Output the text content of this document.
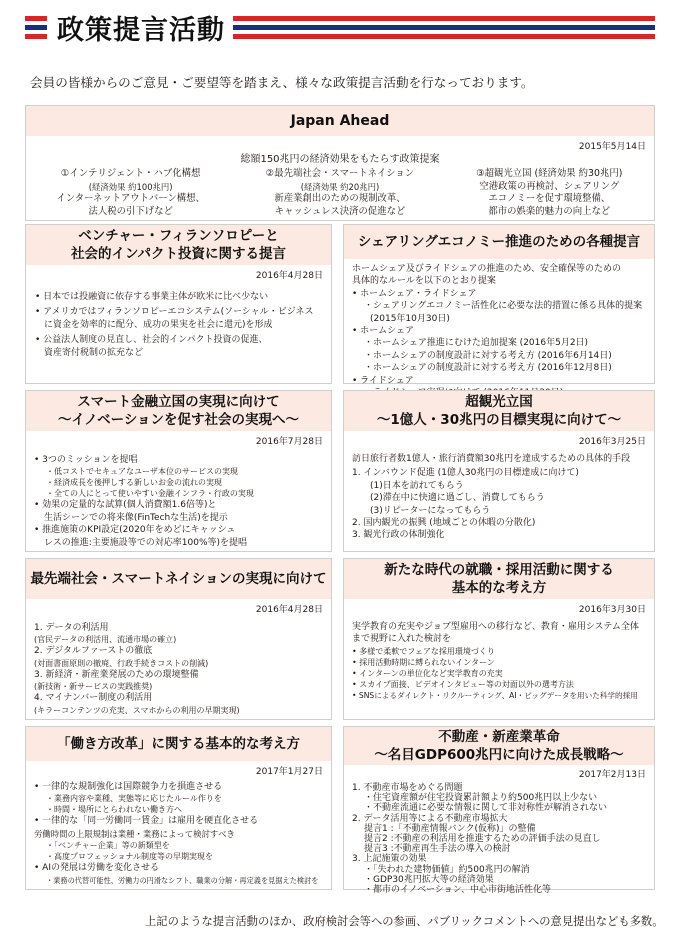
政策提言活動
会員の皆様からのご意見・ご要望等を踏まえ、様々な政策提言活動を行なっております。
Japan Ahead
2015年5月14日
総額150兆円の経済効果をもたらす政策提案
①インテリジェント・ハブ化構想
(経済効果 約100兆円)
インターネットアウトバーン構想、
法人税の引下げなど
②最先端社会・スマートネイション
(経済効果 約20兆円)
新産業創出のための規制改革、
キャッシュレス決済の促進など
③超観光立国 (経済効果 約30兆円)
空港政策の再検討、シェアリング
エコノミーを促す環境整備、
都市の娯楽的魅力の向上など
ベンチャー・フィランソロピーと
社会的インパクト投資に関する提言
2016年4月28日
• 日本では投融資に依存する事業主体が欧米に比べ少ない
• アメリカではフィランソロピーエコシステム(ソーシャル・ビジネス
に資金を効率的に配分、成功の果実を社会に還元)を形成
• 公益法人制度の見直し、社会的インパクト投資の促進、
資産寄付税制の拡充など
シェアリングエコノミー推進のための各種提言
ホームシェア及びライドシェアの推進のため、安全確保等のための
具体的なルールを以下のとおり提案
• ホームシェア・ライドシェア
・シェアリングエコノミー活性化に必要な法的措置に係る具体的提案
(2015年10月30日)
• ホームシェア
・ホームシェア推進にむけた追加提案 (2016年5月2日)
・ホームシェアの制度設計に対する考え方 (2016年6月14日)
・ホームシェアの制度設計に対する考え方 (2016年12月8日)
• ライドシェア
スマート金融立国の実現に向けて
～イノベーションを促す社会の実現へ～
2016年7月28日
• 3つのミッションを提唱
・低コストでセキュアなユーザ本位のサービスの実現
・経済成長を後押しする新しいお金の流れの実現
・全ての人にとって使いやすい金融インフラ・行政の実現
• 効果の定量的な試算(個人消費額1.6倍等)と
生活シーンでの将来像(FinTechな生活)を提示
• 推進施策のKPI設定(2020年をめどにキャッシュ
レスの推進:主要施設等での対応率100%等)を提唱
超観光立国
～1億人・30兆円の目標実現に向けて～
2016年3月25日
訪日旅行者数1億人・旅行消費額30兆円を達成するための具体的手段
1. インバウンド促進 (1億人30兆円の目標達成に向けて)
(1)日本を訪れてもらう
(2)滞在中に快適に過ごし、消費してもらう
(3)リピーターになってもらう
2. 国内観光の振興 (地域ごとの休暇の分散化)
3. 観光行政の体制強化
最先端社会・スマートネイションの実現に向けて
2016年4月28日
1. データの利活用
(官民データの利活用、流通市場の確立)
2. デジタルファーストの徹底
(対面書面原則の撤廃、行政手続きコストの削減)
3. 新経済・新産業発展のための環境整備
(新技術・新サービスの実践推奨)
4. マイナンバー制度の利活用
(キラーコンテンツの充実、スマホからの利用の早期実現)
新たな時代の就職・採用活動に関する
基本的な考え方
2016年3月30日
実学教育の充実やジョブ型雇用への移行など、教育・雇用システム全体
まで視野に入れた検討を
• 多様で柔軟でフェアな採用環境づくり
• 採用活動時期に縛られないインターン
• インターンの単位化など実学教育の充実
• スカイプ面接、ビデオインタビュー等の対面以外の選考方法
• SNSによるダイレクト・リクルーティング、AI・ビッグデータを用いた科学的採用
「働き方改革」に関する基本的な考え方
2017年1月27日
• 一律的な規制強化は国際競争力を損進させる
・業務内容や業種、実態等に応じたルール作りを
・時間・場所にとらわれない働き方へ
• 一律的な「同一労働同一賃金」は雇用を硬直化させる
労働時間の上限規制は業種・業務によって検討すべき
・「ベンチャー企業」等の新類型を
・高度プロフェッショナル制度等の早期実現を
• AIの発展は労働を変化させる
・業務の代替可能性、労働力の円滑なシフト、職業の分解・再定義を見据えた検討を
不動産・新産業革命
～名目GDP600兆円に向けた成長戦略～
2017年2月13日
1. 不動産市場をめぐる問題
・住宅資産額が住宅投資累計額より約500兆円以上少ない
・不動産流通に必要な情報に関して非対称性が解消されない
2. データ活用等による不動産市場拡大
提言1 :「不動産情報バンク(仮称)」の整備
提言2 :不動産の利活用を推進するための評価手法の見直し
提言3 :不動産再生手法の導入の検討
3. 上記施策の効果
・「失われた建物価値」約500兆円の解消
・GDP30兆円拡大等の経済効果
・都市のイノベーション、中心市街地活性化等
上記のような提言活動のほか、政府検討会等への参画、パブリックコメントへの意見提出なども多数。
